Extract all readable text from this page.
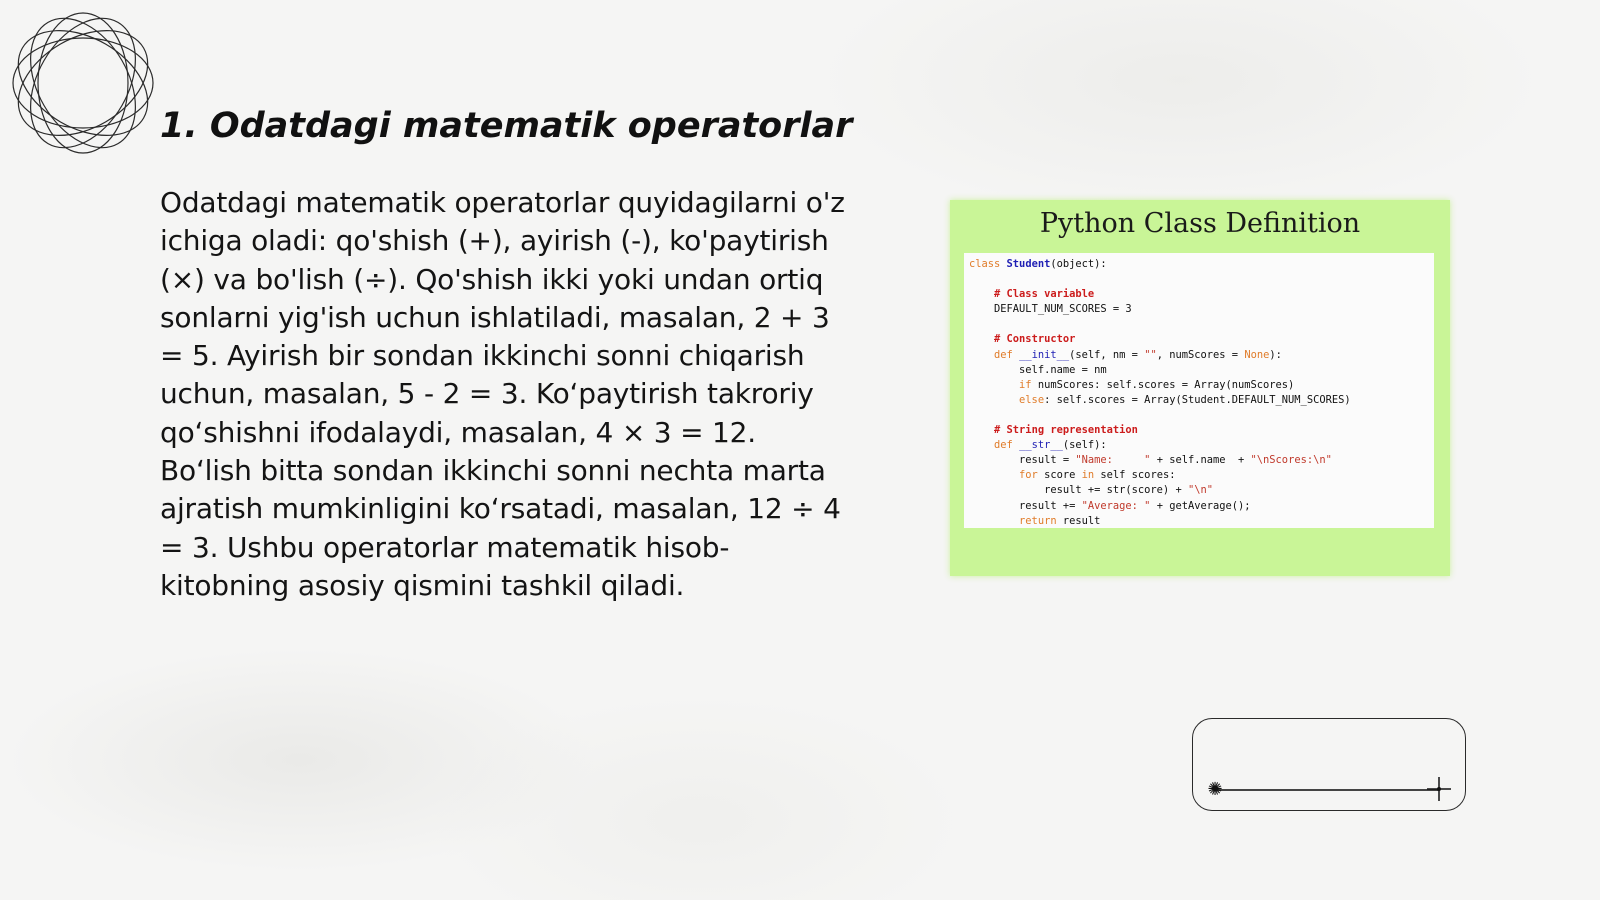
1. Odatdagi matematik operatorlar

Odatdagi matematik operatorlar quyidagilarni o'z ichiga oladi: qo'shish (+), ayirish (-), ko'paytirish (×) va bo'lish (÷). Qo'shish ikki yoki undan ortiq sonlarni yig'ish uchun ishlatiladi, masalan, 2 + 3 = 5. Ayirish bir sondan ikkinchi sonni chiqarish uchun, masalan, 5 - 2 = 3. Koʻpaytirish takroriy qoʻshishni ifodalaydi, masalan, 4 × 3 = 12. Boʻlish bitta sondan ikkinchi sonni nechta marta ajratish mumkinligini koʻrsatadi, masalan, 12 ÷ 4 = 3. Ushbu operatorlar matematik hisob-kitobning asosiy qismini tashkil qiladi.

Python Class Definition
class Student(object):

# Class variable
DEFAULT_NUM_SCORES = 3

# Constructor
def __init__(self, nm = "", numScores = None):
self.name = nm
if numScores: self.scores = Array(numScores)
else: self.scores = Array(Student.DEFAULT_NUM_SCORES)

# String representation
def __str__(self):
result = "Name:     " + self.name  + "\nScores:\n"
for score in self scores:
result += str(score) + "\n"
result += "Average: " + getAverage();
return result
✺
